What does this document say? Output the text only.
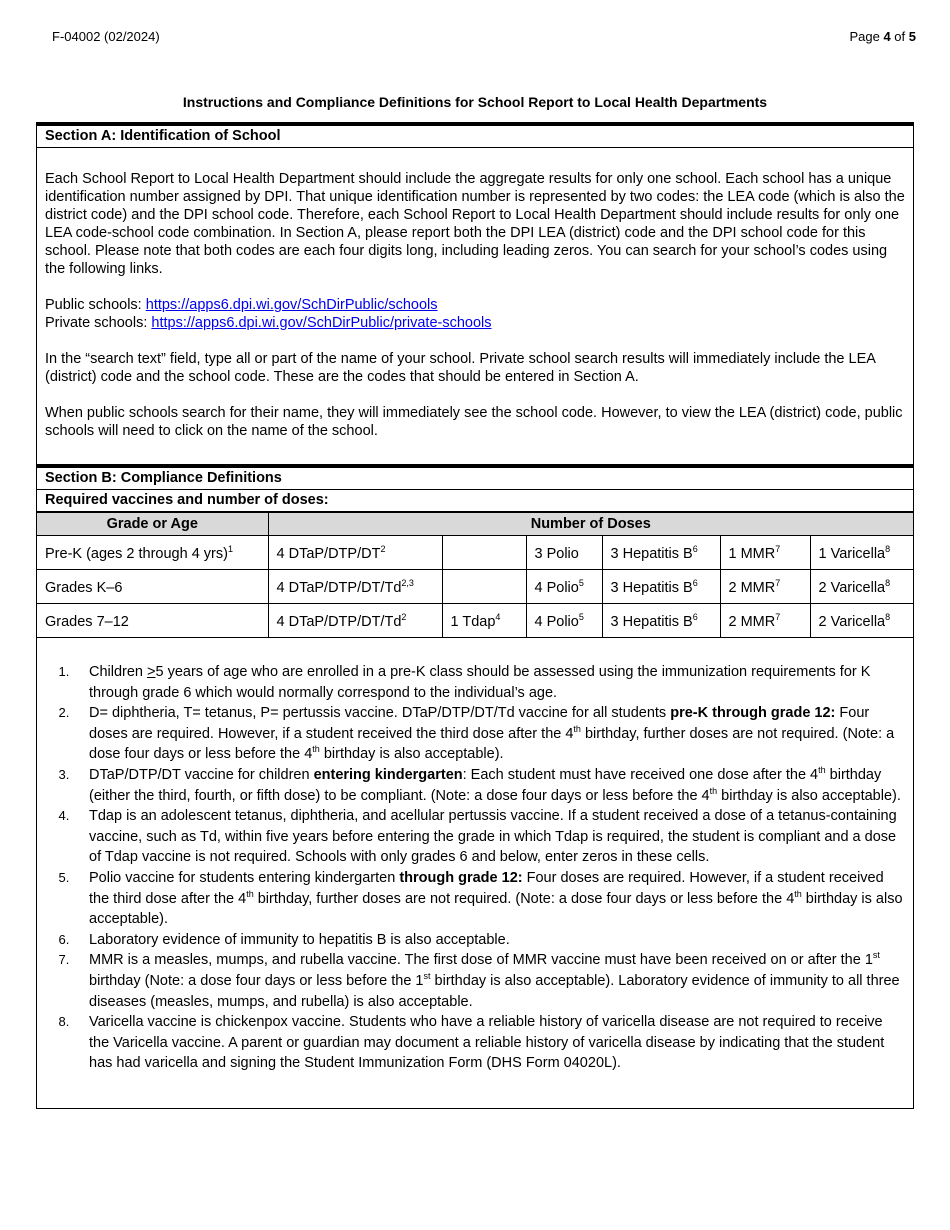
F-04002 (02/2024)	Page 4 of 5
Instructions and Compliance Definitions for School Report to Local Health Departments
Section A: Identification of School

Each School Report to Local Health Department should include the aggregate results for only one school. Each school has a unique identification number assigned by DPI. That unique identification number is represented by two codes: the LEA code (which is also the district code) and the DPI school code. Therefore, each School Report to Local Health Department should include results for only one LEA code-school code combination. In Section A, please report both the DPI LEA (district) code and the DPI school code for this school. Please note that both codes are each four digits long, including leading zeros. You can search for your school’s codes using the following links.

Public schools: https://apps6.dpi.wi.gov/SchDirPublic/schools
Private schools: https://apps6.dpi.wi.gov/SchDirPublic/private-schools

In the “search text” field, type all or part of the name of your school. Private school search results will immediately include the LEA (district) code and the school code. These are the codes that should be entered in Section A.

When public schools search for their name, they will immediately see the school code. However, to view the LEA (district) code, public schools will need to click on the name of the school.

Section B: Compliance Definitions
Required vaccines and number of doses:
Grade or Age	Number of Doses					
Pre-K (ages 2 through 4 yrs)$^1$	4 DTaP/$DTP/DT^2$		3 Polio	3 Hepatitis $B^6$	1 MMR$^7$	1 Varicella$^8$
Grades K–6	4 DTaP/DTP/DT/Td$^{2,3}$		4 Polio$^5$	3 Hepatitis $B^6$	2 MMR$^7$	2 Varicella$^8$
Grades 7–12	4 DTaP/DTP/DT/Td$^2$	1 Tdap$^4$	4 Polio$^5$	3 Hepatitis $B^6$	2 MMR$^7$	2 Varicella$^8$
1. Children >5 years of age who are enrolled in a pre-K class should be assessed using the immunization requirements for K through grade 6 which would normally correspond to the individual’s age.
2. D= diphtheria, T= tetanus, P= pertussis vaccine. DTaP/DTP/DT/Td vaccine for all students pre-K through grade 12: Four doses are required. However, if a student received the third dose after the 4th birthday, further doses are not required. (Note: a dose four days or less before the 4th birthday is also acceptable).
3. DTaP/DTP/DT vaccine for children entering kindergarten: Each student must have received one dose after the 4th birthday (either the third, fourth, or fifth dose) to be compliant. (Note: a dose four days or less before the 4th birthday is also acceptable).
4. Tdap is an adolescent tetanus, diphtheria, and acellular pertussis vaccine. If a student received a dose of a tetanus-containing vaccine, such as Td, within five years before entering the grade in which Tdap is required, the student is compliant and a dose of Tdap vaccine is not required. Schools with only grades 6 and below, enter zeros in these cells.
5. Polio vaccine for students entering kindergarten through grade 12: Four doses are required. However, if a student received the third dose after the 4th birthday, further doses are not required. (Note: a dose four days or less before the 4th birthday is also acceptable).
6. Laboratory evidence of immunity to hepatitis B is also acceptable.
7. MMR is a measles, mumps, and rubella vaccine. The first dose of MMR vaccine must have been received on or after the 1st birthday (Note: a dose four days or less before the 1st birthday is also acceptable). Laboratory evidence of immunity to all three diseases (measles, mumps, and rubella) is also acceptable.
8. Varicella vaccine is chickenpox vaccine. Students who have a reliable history of varicella disease are not required to receive the Varicella vaccine. A parent or guardian may document a reliable history of varicella disease by indicating that the student has had varicella and signing the Student Immunization Form (DHS Form 04020L).
